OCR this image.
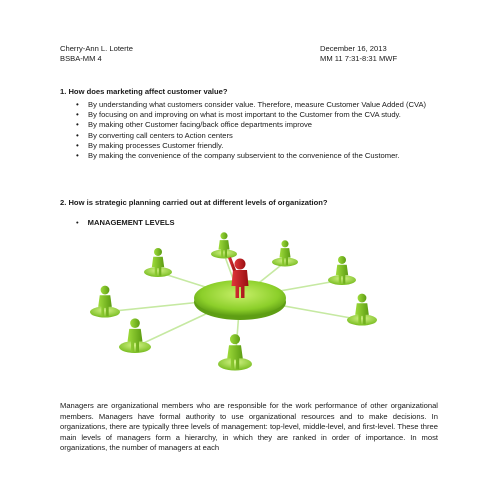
Cherry-Ann L. Loterte
BSBA-MM 4
December 16, 2013
MM 11 7:31-8:31 MWF
1. How does marketing affect customer value?
• By understanding what customers consider value. Therefore, measure Customer Value Added (CVA)
• By focusing on and improving on what is most important to the Customer from the CVA study.
• By making other Customer facing/back office departments improve
• By converting call centers to Action centers
• By making processes Customer friendly.
• By making the convenience of the company subservient to the convenience of the Customer.
2. How is strategic planning carried out at different levels of organization?
• MANAGEMENT LEVELS

Managers are organizational members who are responsible for the work performance of other organizational members. Managers have formal authority to use organizational resources and to make decisions. In organizations, there are typically three levels of management: top-level, middle-level, and first-level. These three main levels of managers form a hierarchy, in which they are ranked in order of importance. In most organizations, the number of managers at each
